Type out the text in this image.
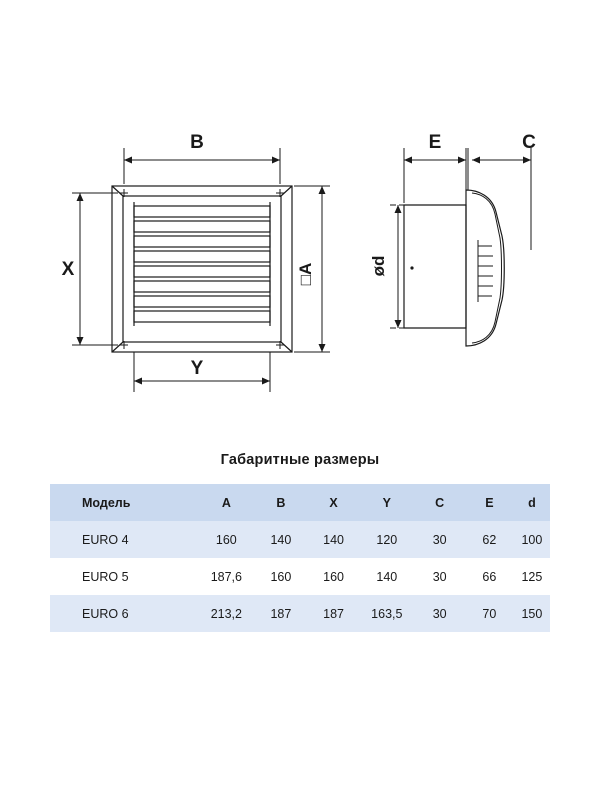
B
X
Y
□A
E	C
ød
Габаритные размеры
Модель	A	B	X	Y	C	E	d
EURO 4	160	140	140	120	30	62	100
EURO 5	187,6	160	160	140	30	66	125
EURO 6	213,2	187	187	163,5	30	70	150
